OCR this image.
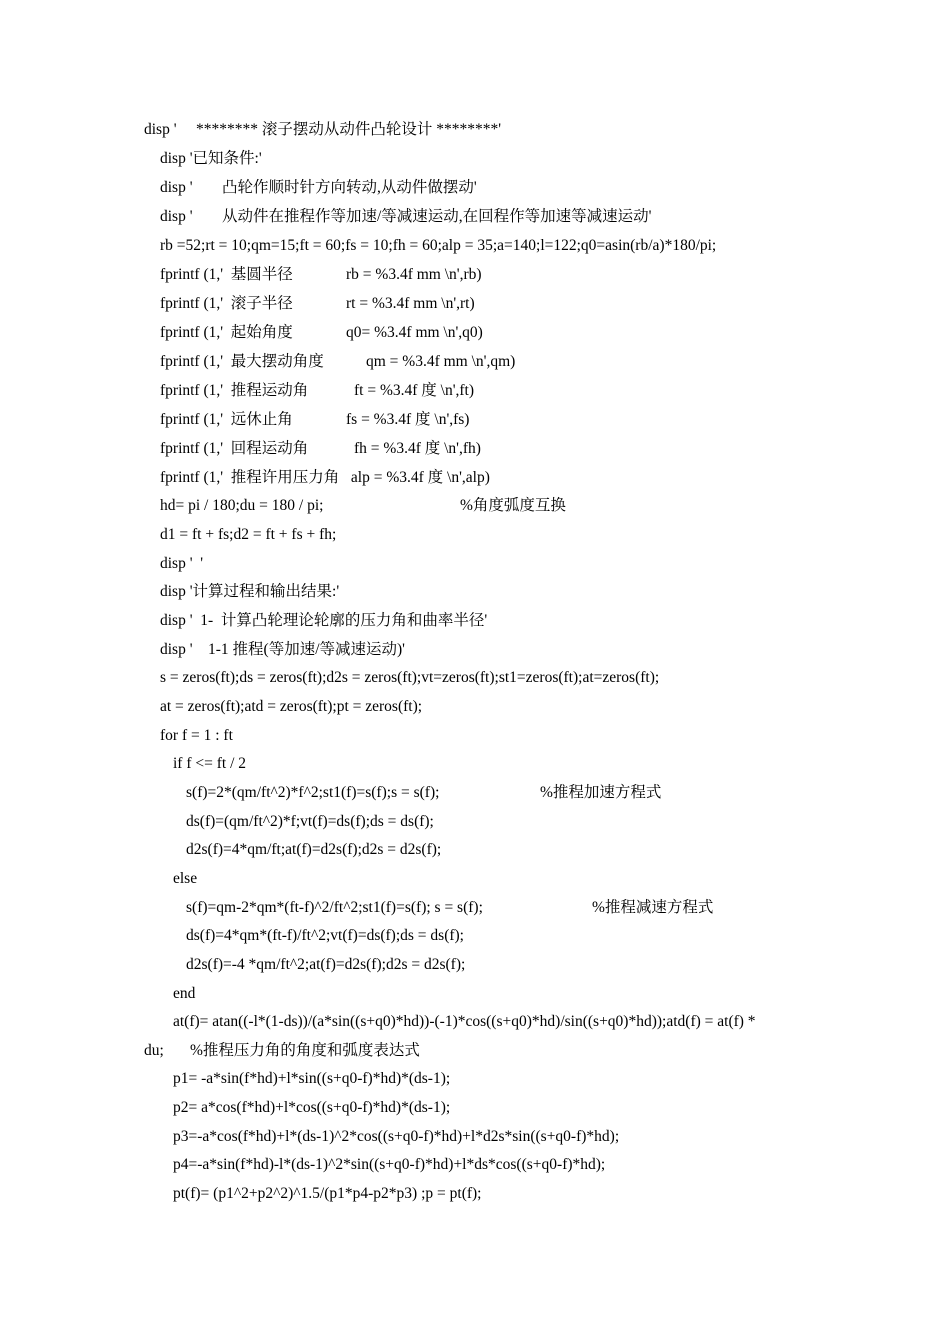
disp '

******** 滚子摆动从动件凸轮设计 ********'

disp '已知条件:'

disp '

凸轮作顺时针方向转动,从动件做摆动'

disp '

从动件在推程作等加速/等减速运动,在回程作等加速等减速运动'

rb =52;rt = 10;qm=15;ft = 60;fs = 10;fh = 60;alp = 35;a=140;l=122;q0=asin(rb/a)*180/pi;

fprintf (1,'  基圆半径

	rb = %3.4f mm \n',rb)

fprintf (1,'  滚子半径

	rt = %3.4f mm \n',rt)

fprintf (1,'  起始角度

	q0= %3.4f mm \n',q0)

fprintf (1,'  最大摆动角度

	qm = %3.4f mm \n',qm)

fprintf (1,'  推程运动角

	ft = %3.4f 度 \n',ft)

fprintf (1,'  远休止角

	fs = %3.4f 度 \n',fs)

fprintf (1,'  回程运动角

	fh = %3.4f 度 \n',fh)

fprintf (1,'  推程许用压力角   alp = %3.4f 度 \n',alp)

hd= pi / 180;du = 180 / pi;

	%角度弧度互换

d1 = ft + fs;d2 = ft + fs + fh;

disp '  '

disp '计算过程和输出结果:'

disp '  1-  计算凸轮理论轮廓的压力角和曲率半径'

disp '    1-1 推程(等加速/等减速运动)'

s = zeros(ft);ds = zeros(ft);d2s = zeros(ft);vt=zeros(ft);st1=zeros(ft);at=zeros(ft);

at = zeros(ft);atd = zeros(ft);pt = zeros(ft);

for f = 1 : ft

if f <= ft / 2

s(f)=2*(qm/ft^2)*f^2;st1(f)=s(f);s = s(f);

	%推程加速方程式

ds(f)=(qm/ft^2)*f;vt(f)=ds(f);ds = ds(f);

d2s(f)=4*qm/ft;at(f)=d2s(f);d2s = d2s(f);

else

s(f)=qm-2*qm*(ft-f)^2/ft^2;st1(f)=s(f); s = s(f);

	%推程减速方程式

ds(f)=4*qm*(ft-f)/ft^2;vt(f)=ds(f);ds = ds(f);

d2s(f)=-4 *qm/ft^2;at(f)=d2s(f);d2s = d2s(f);

end

at(f)= atan((-l*(1-ds))/(a*sin((s+q0)*hd))-(-1)*cos((s+q0)*hd)/sin((s+q0)*hd));atd(f) = at(f) *

du;

%推程压力角的角度和弧度表达式

p1= -a*sin(f*hd)+l*sin((s+q0-f)*hd)*(ds-1);

p2= a*cos(f*hd)+l*cos((s+q0-f)*hd)*(ds-1);

p3=-a*cos(f*hd)+l*(ds-1)^2*cos((s+q0-f)*hd)+l*d2s*sin((s+q0-f)*hd);

p4=-a*sin(f*hd)-l*(ds-1)^2*sin((s+q0-f)*hd)+l*ds*cos((s+q0-f)*hd);

pt(f)= (p1^2+p2^2)^1.5/(p1*p4-p2*p3) ;p = pt(f);
